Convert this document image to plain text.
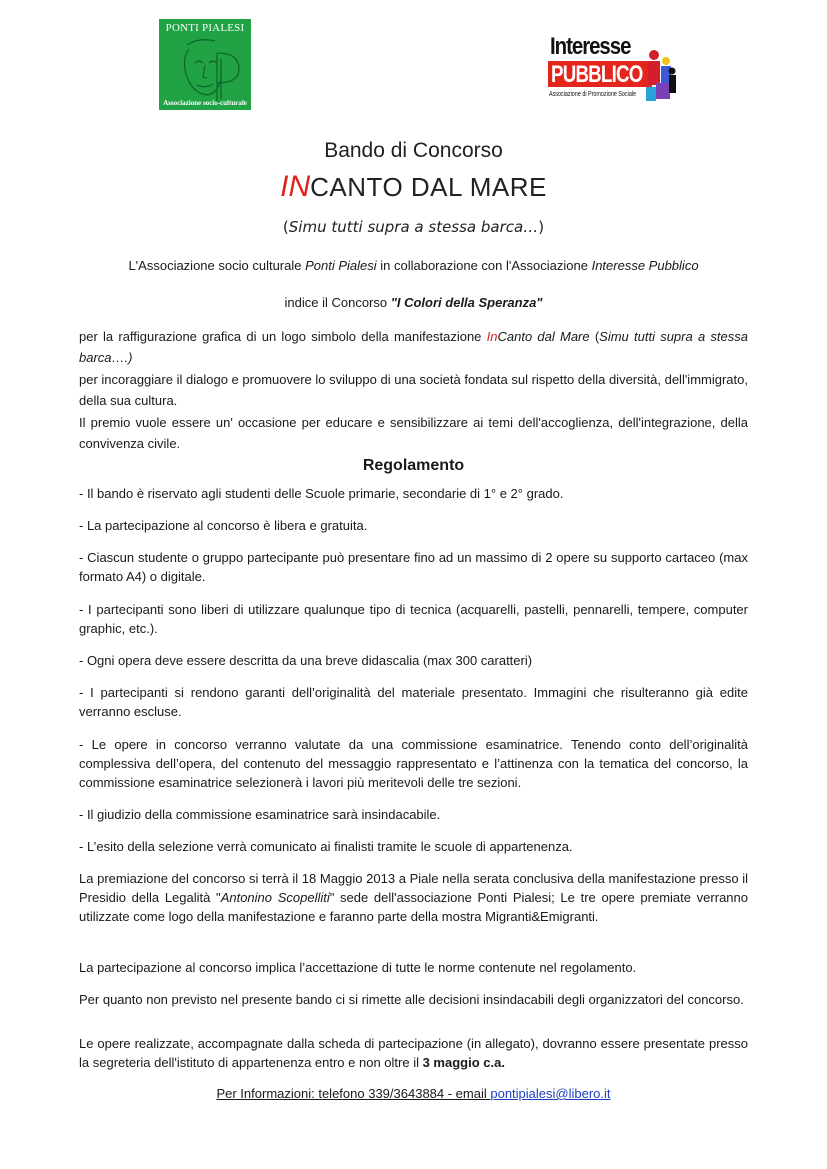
PONTI PIALESI
Associazione socio-culturale
Interesse
PUBBLICO
Associazione di Promozione Sociale
Bando di Concorso
INCANTO DAL MARE
(Simu tutti supra a stessa barca…)
L'Associazione socio culturale Ponti Pialesi in collaborazione con l'Associazione Interesse Pubblico
indice il Concorso "I Colori della Speranza"
per la raffigurazione grafica di un logo simbolo della manifestazione InCanto dal Mare (Simu tutti supra a stessa barca….)
per incoraggiare il dialogo e promuovere lo sviluppo di una società fondata sul rispetto della diversità, dell'immigrato, della sua cultura.
Il premio vuole essere un' occasione per educare e sensibilizzare ai temi dell'accoglienza, dell'integrazione, della convivenza civile.
Regolamento
- Il bando è riservato agli studenti delle Scuole primarie, secondarie di 1° e 2° grado.
- La partecipazione al concorso è libera e gratuita.
- Ciascun studente o gruppo partecipante può presentare fino ad un massimo di 2 opere su supporto cartaceo (max formato A4) o digitale.
- I partecipanti sono liberi di utilizzare qualunque tipo di tecnica (acquarelli, pastelli, pennarelli, tempere, computer graphic, etc.).
- Ogni opera deve essere descritta da una breve didascalia (max 300 caratteri)
- I partecipanti si rendono garanti dell’originalità del materiale presentato. Immagini che risulteranno già edite verranno escluse.
- Le opere in concorso verranno valutate da una commissione esaminatrice. Tenendo conto dell’originalità complessiva dell’opera, del contenuto del messaggio rappresentato e l’attinenza con la tematica del concorso, la commissione esaminatrice selezionerà i lavori più meritevoli delle tre sezioni.
- Il giudizio della commissione esaminatrice sarà insindacabile.
- L’esito della selezione verrà comunicato ai finalisti tramite le scuole di appartenenza.
La premiazione del concorso si terrà il 18 Maggio 2013 a Piale nella serata conclusiva della manifestazione presso il Presidio della Legalità "Antonino Scopelliti" sede dell'associazione Ponti Pialesi; Le tre opere premiate verranno utilizzate come logo della manifestazione e faranno parte della mostra Migranti&Emigranti.
La partecipazione al concorso implica l’accettazione di tutte le norme contenute nel regolamento.
Per quanto non previsto nel presente bando ci si rimette alle decisioni insindacabili degli organizzatori del concorso.
Le opere realizzate, accompagnate dalla scheda di partecipazione (in allegato), dovranno essere presentate presso la segreteria dell'istituto di appartenenza entro e non oltre il 3 maggio c.a.
Per Informazioni: telefono 339/3643884 - email pontipialesi@libero.it
